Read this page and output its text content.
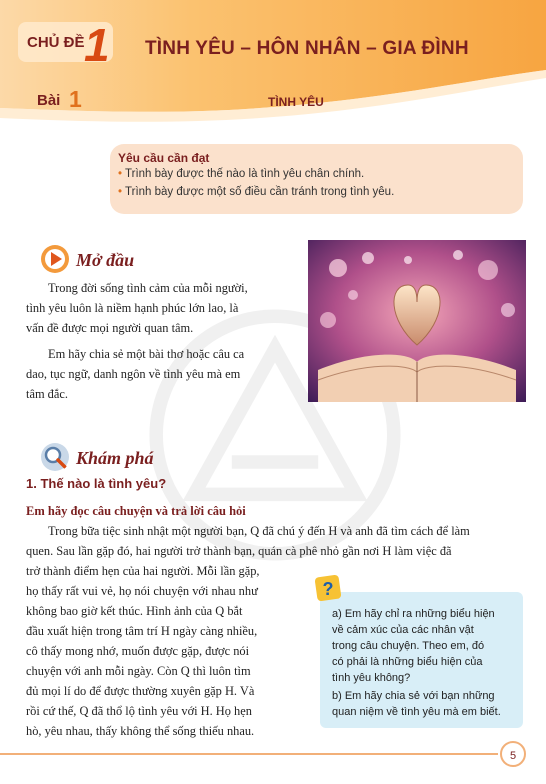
CHỦ ĐỀ 1 TÌNH YÊU – HÔN NHÂN – GIA ĐÌNH
Bài 1	TÌNH YÊU
Yêu cầu cần đạt
• Trình bày được thế nào là tình yêu chân chính.
• Trình bày được một số điều cần tránh trong tình yêu.
Mở đầu
Trong đời sống tình cảm của mỗi người,
tình yêu luôn là niềm hạnh phúc lớn lao, là
vấn đề được mọi người quan tâm.
Em hãy chia sẻ một bài thơ hoặc câu ca
dao, tục ngữ, danh ngôn về tình yêu mà em
tâm đắc.
Khám phá
1. Thế nào là tình yêu?
Em hãy đọc câu chuyện và trả lời câu hỏi
Trong bữa tiệc sinh nhật một người bạn, Q đã chú ý đến H và anh đã tìm cách để làm
quen. Sau lần gặp đó, hai người trở thành bạn, quán cà phê nhỏ gần nơi H làm việc đã
trở thành điểm hẹn của hai người. Mỗi lần gặp,
họ thấy rất vui vẻ, họ nói chuyện với nhau như
không bao giờ kết thúc. Hình ảnh của Q bắt
đầu xuất hiện trong tâm trí H ngày càng nhiều,
cô thấy mong nhớ, muốn được gặp, được nói
chuyện với anh mỗi ngày. Còn Q thì luôn tìm
đủ mọi lí do để được thường xuyên gặp H. Và
rồi cứ thế, Q đã thổ lộ tình yêu với H. Họ hẹn
hò, yêu nhau, thấy không thể sống thiếu nhau.
a) Em hãy chỉ ra những biểu hiện
về cảm xúc của các nhân vật
trong câu chuyện. Theo em, đó
có phải là những biểu hiện của
tình yêu không?
b) Em hãy chia sẻ với bạn những
quan niệm về tình yêu mà em biết.
?
5
